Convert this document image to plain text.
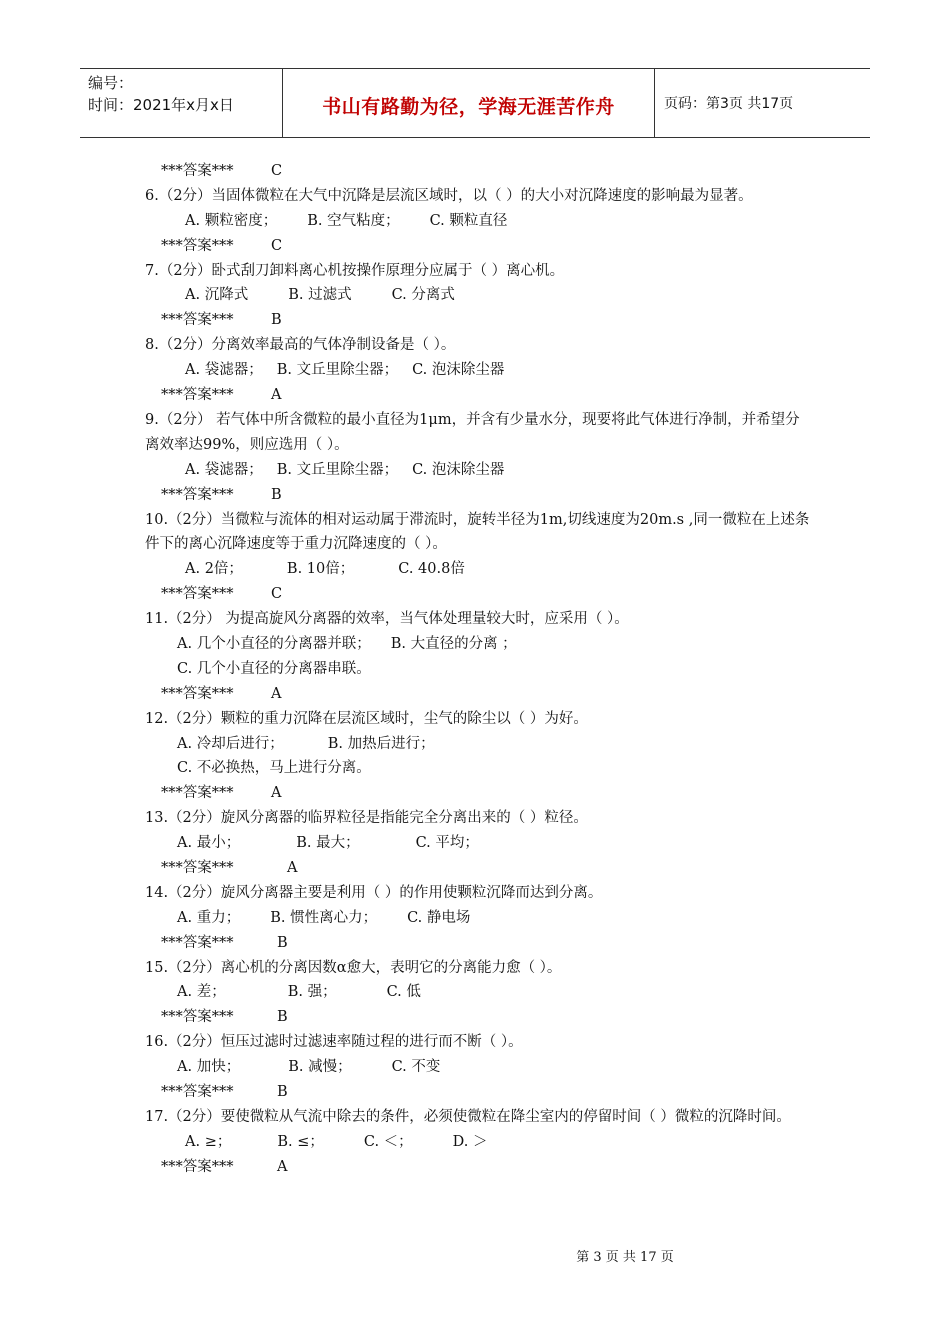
编号：
时间：2021年x月x日	书山有路勤为径，学海无涯苦作舟	页码：第3页 共17页
***答案***	C
6.（2分）当固体微粒在大气中沉降是层流区域时，以（ ）的大小对沉降速度的影响最为显著。
A. 颗粒密度； B. 空气粘度； C. 颗粒直径
***答案***	C
7.（2分）卧式刮刀卸料离心机按操作原理分应属于（ ）离心机。
A. 沉降式	B. 过滤式	C. 分离式
***答案***	B
8.（2分）分离效率最高的气体净制设备是（ ）。
A. 袋滤器； B. 文丘里除尘器； C. 泡沫除尘器
***答案***	A
9.（2分） 若气体中所含微粒的最小直径为1μm，并含有少量水分，现要将此气体进行净制，并希望分离效率达99%，则应选用（ ）。
A. 袋滤器； B. 文丘里除尘器； C. 泡沫除尘器
***答案***	B
10.（2分）当微粒与流体的相对运动属于滞流时，旋转半径为1m,切线速度为20m.s ,同一微粒在上述条件下的离心沉降速度等于重力沉降速度的（ ）。
A. 2倍；	B. 10倍；	C. 40.8倍
***答案***	C
11.（2分） 为提高旋风分离器的效率，当气体处理量较大时，应采用（ ）。
A. 几个小直径的分离器并联； B. 大直径的分离 ；
C. 几个小直径的分离器串联。
***答案***	A
12.（2分）颗粒的重力沉降在层流区域时，尘气的除尘以（ ）为好。
A. 冷却后进行；	B. 加热后进行；
C. 不必换热，马上进行分离。
***答案***	A
13.（2分）旋风分离器的临界粒径是指能完全分离出来的（ ）粒径。
A. 最小；	B. 最大；	C. 平均；
***答案***	A
14.（2分）旋风分离器主要是利用（ ）的作用使颗粒沉降而达到分离。
A. 重力； B. 惯性离心力； C. 静电场
***答案***	B
15.（2分）离心机的分离因数α愈大，表明它的分离能力愈（ ）。
A. 差；	B. 强；	C. 低
***答案***	B
16.（2分）恒压过滤时过滤速率随过程的进行而不断（ ）。
A. 加快；	B. 减慢；	C. 不变
***答案***	B
17.（2分）要使微粒从气流中除去的条件，必须使微粒在降尘室内的停留时间（ ）微粒的沉降时间。
A. ≥；	B. ≤；	C. ＜；	D. ＞
***答案***	A
第 3 页 共 17 页
